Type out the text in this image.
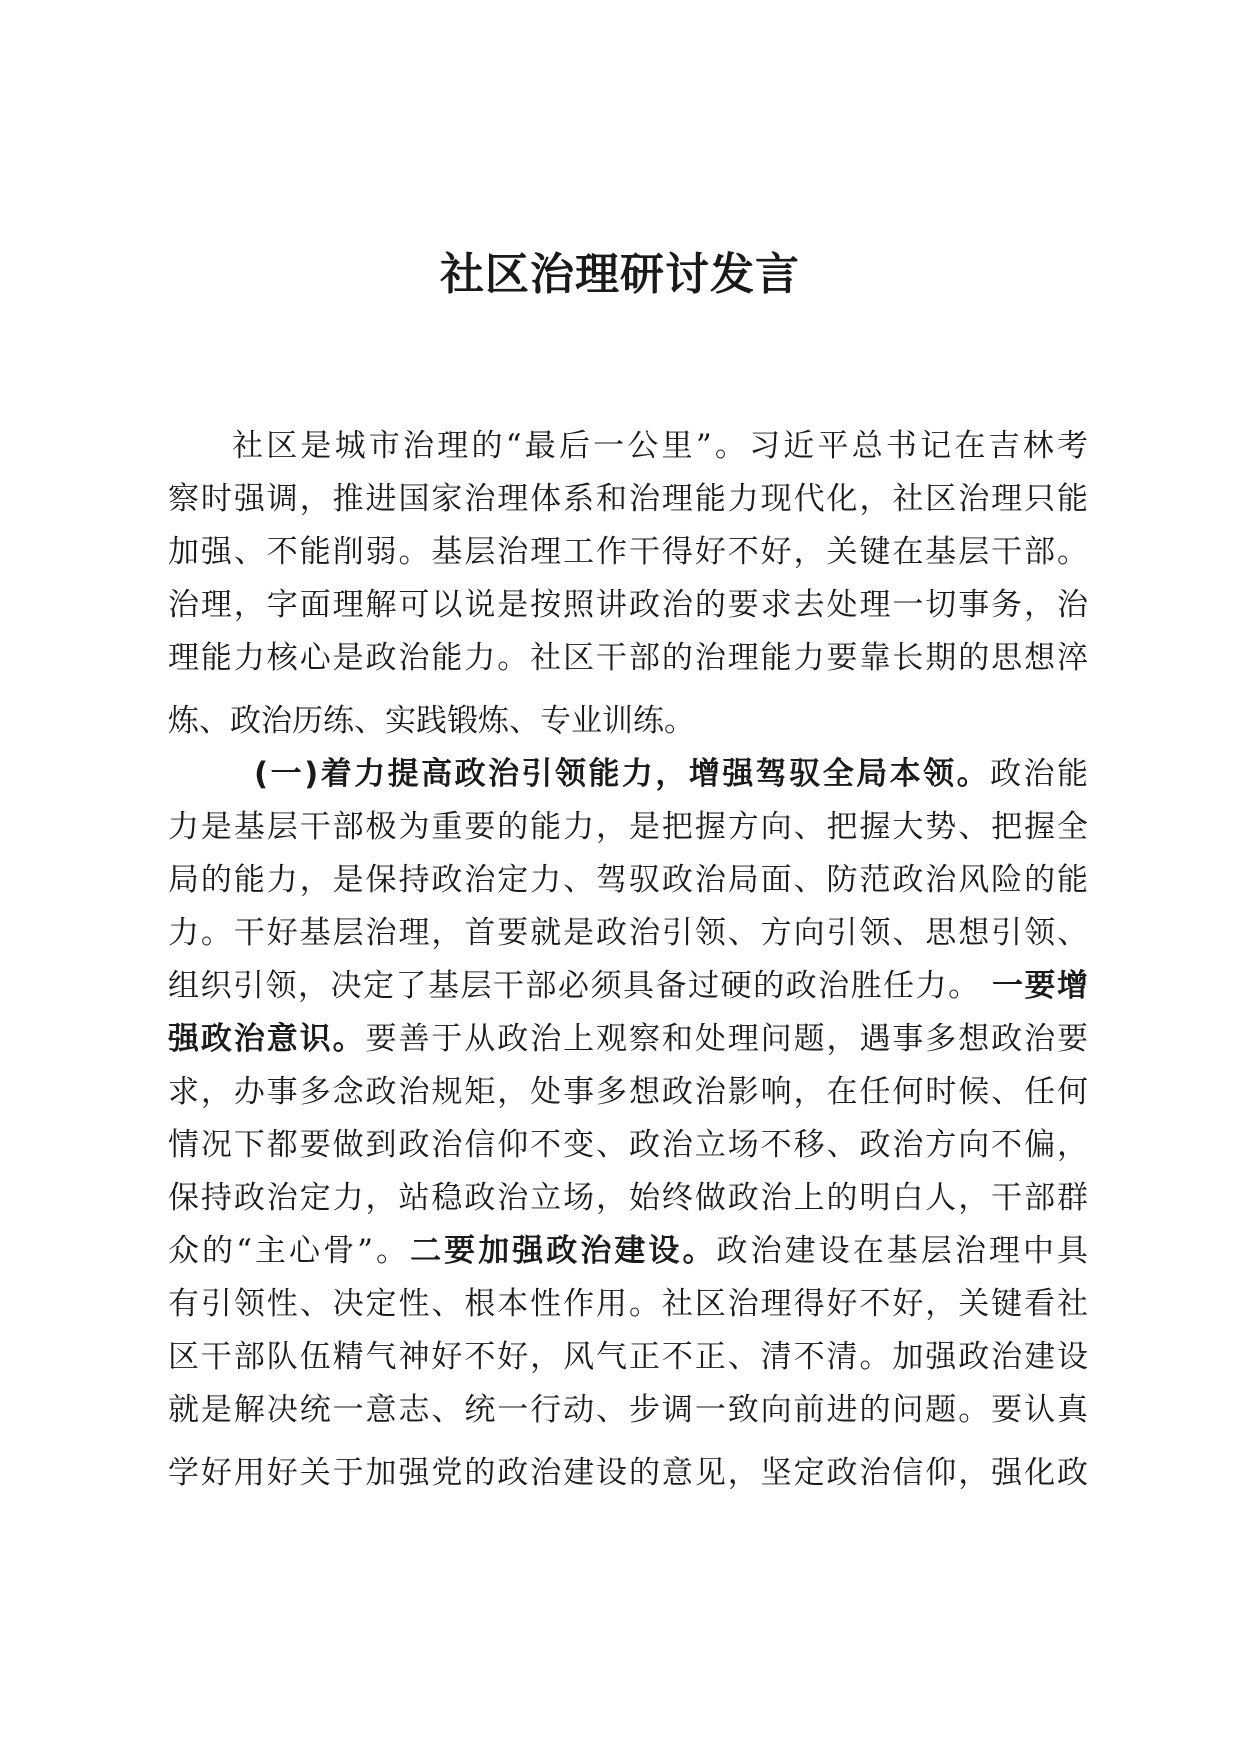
社区治理研讨发言
社区是城市治理的“最后一公里”。习近平总书记在吉林考
察时强调，推进国家治理体系和治理能力现代化，社区治理只能
加强、不能削弱。基层治理工作干得好不好，关键在基层干部。
治理，字面理解可以说是按照讲政治的要求去处理一切事务，治
理能力核心是政治能力。社区干部的治理能力要靠长期的思想淬
炼、政治历练、实践锻炼、专业训练。
(一)着力提高政治引领能力，增强驾驭全局本领。政治能
力是基层干部极为重要的能力，是把握方向、把握大势、把握全
局的能力，是保持政治定力、驾驭政治局面、防范政治风险的能
力。干好基层治理，首要就是政治引领、方向引领、思想引领、
组织引领，决定了基层干部必须具备过硬的政治胜任力。 一要增
强政治意识。要善于从政治上观察和处理问题，遇事多想政治要
求，办事多念政治规矩，处事多想政治影响，在任何时候、任何
情况下都要做到政治信仰不变、政治立场不移、政治方向不偏，
保持政治定力，站稳政治立场，始终做政治上的明白人，干部群
众的“主心骨”。二要加强政治建设。政治建设在基层治理中具
有引领性、决定性、根本性作用。社区治理得好不好，关键看社
区干部队伍精气神好不好，风气正不正、清不清。加强政治建设
就是解决统一意志、统一行动、步调一致向前进的问题。要认真
学好用好关于加强党的政治建设的意见，坚定政治信仰，强化政
